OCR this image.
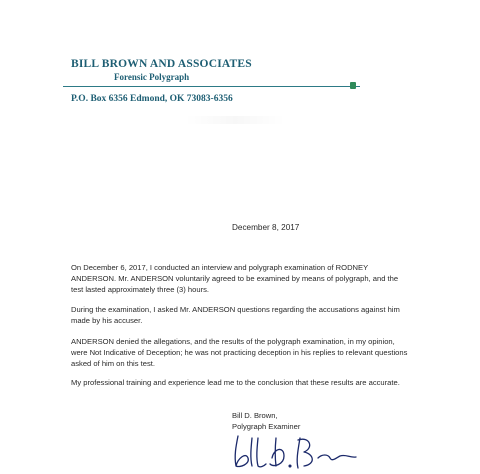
BILL BROWN AND ASSOCIATES
Forensic Polygraph
P.O. Box 6356 Edmond, OK 73083-6356
December 8, 2017

On December 6, 2017, I conducted an interview and polygraph examination of RODNEY ANDERSON. Mr. ANDERSON voluntarily agreed to be examined by means of polygraph, and the test lasted approximately three (3) hours.

During the examination, I asked Mr. ANDERSON questions regarding the accusations against him made by his accuser.

ANDERSON denied the allegations, and the results of the polygraph examination, in my opinion, were Not Indicative of Deception; he was not practicing deception in his replies to relevant questions asked of him on this test.

My professional training and experience lead me to the conclusion that these results are accurate.

Bill D. Brown,
Polygraph Examiner
